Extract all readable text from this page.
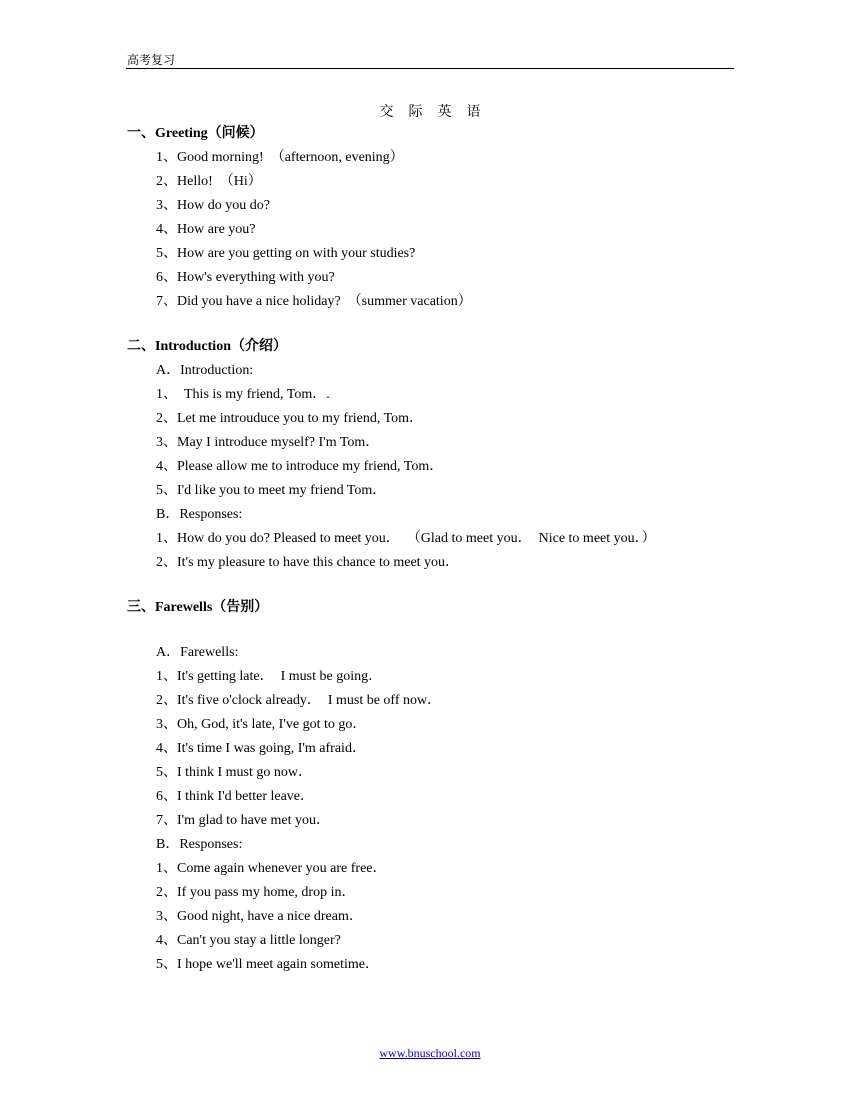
高考复习
交际英语
一、Greeting（问候）
1、Good morning!  （afternoon, evening）
2、Hello!  （Hi）
3、How do you do?
4、How are you?
5、How are you getting on with your studies?
6、How's everything with you?
7、Did you have a nice holiday?  （summer vacation）
二、Introduction（介绍）
A．Introduction:
1、  This is my friend, Tom．.
2、Let me introuduce you to my friend, Tom．
3、May I introduce myself? I'm Tom．
4、Please allow me to introduce my friend, Tom．
5、I'd like you to meet my friend Tom．
B．Responses:
1、How do you do? Pleased to meet you．  （Glad to meet you．  Nice to meet you．）
2、It's my pleasure to have this chance to meet you．
三、Farewells（告别）
A．Farewells:
1、It's getting late．  I must be going．
2、It's five o'clock already．  I must be off now．
3、Oh, God, it's late, I've got to go．
4、It's time I was going, I'm afraid．
5、I think I must go now．
6、I think I'd better leave．
7、I'm glad to have met you．
B．Responses:
1、Come again whenever you are free．
2、If you pass my home, drop in．
3、Good night, have a nice dream．
4、Can't you stay a little longer?
5、I hope we'll meet again sometime．
www.bnuschool.com
